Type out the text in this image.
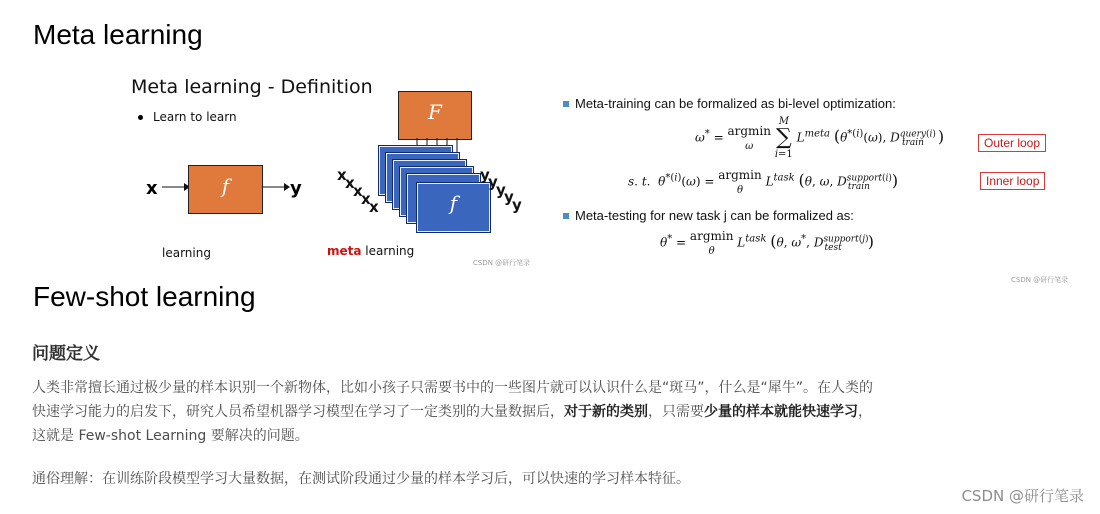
Meta learning
Meta learning - Definition
Learn to learn
x	f	y
learning
F
f
x
x
x
x
x
y
y
y
y
y
meta learning
CSDN @研行笔录
Meta-training can be formalized as bi-level optimization:
ω* = argmin
ω M
∑
i=1 $L^{meta}$ ($\theta^{*(i)}(\omega)$, $D^{query(i)}_{train}$ )	Outer loop
s. t.  $\theta^{*(i)}(\omega) = argmin$
θ $L^{task}$ (θ, ω, $D^{support(i)}_{train}$ )	Inner loop
Meta-testing for new task j can be formalized as:
θ* = argmin
θ $L^{task}$ (θ, ω*, $D^{support(j)}_{test}$ )
CSDN @研行笔录
Few-shot learning
问题定义
人类非常擅长通过极少量的样本识别一个新物体，比如小孩子只需要书中的一些图片就可以认识什么是“斑马”，什么是“犀牛”。在人类的
快速学习能力的启发下，研究人员希望机器学习模型在学习了一定类别的大量数据后，对于新的类别，只需要少量的样本就能快速学习，
这就是 Few-shot Learning 要解决的问题。
通俗理解：在训练阶段模型学习大量数据，在测试阶段通过少量的样本学习后，可以快速的学习样本特征。
CSDN @研行笔录
